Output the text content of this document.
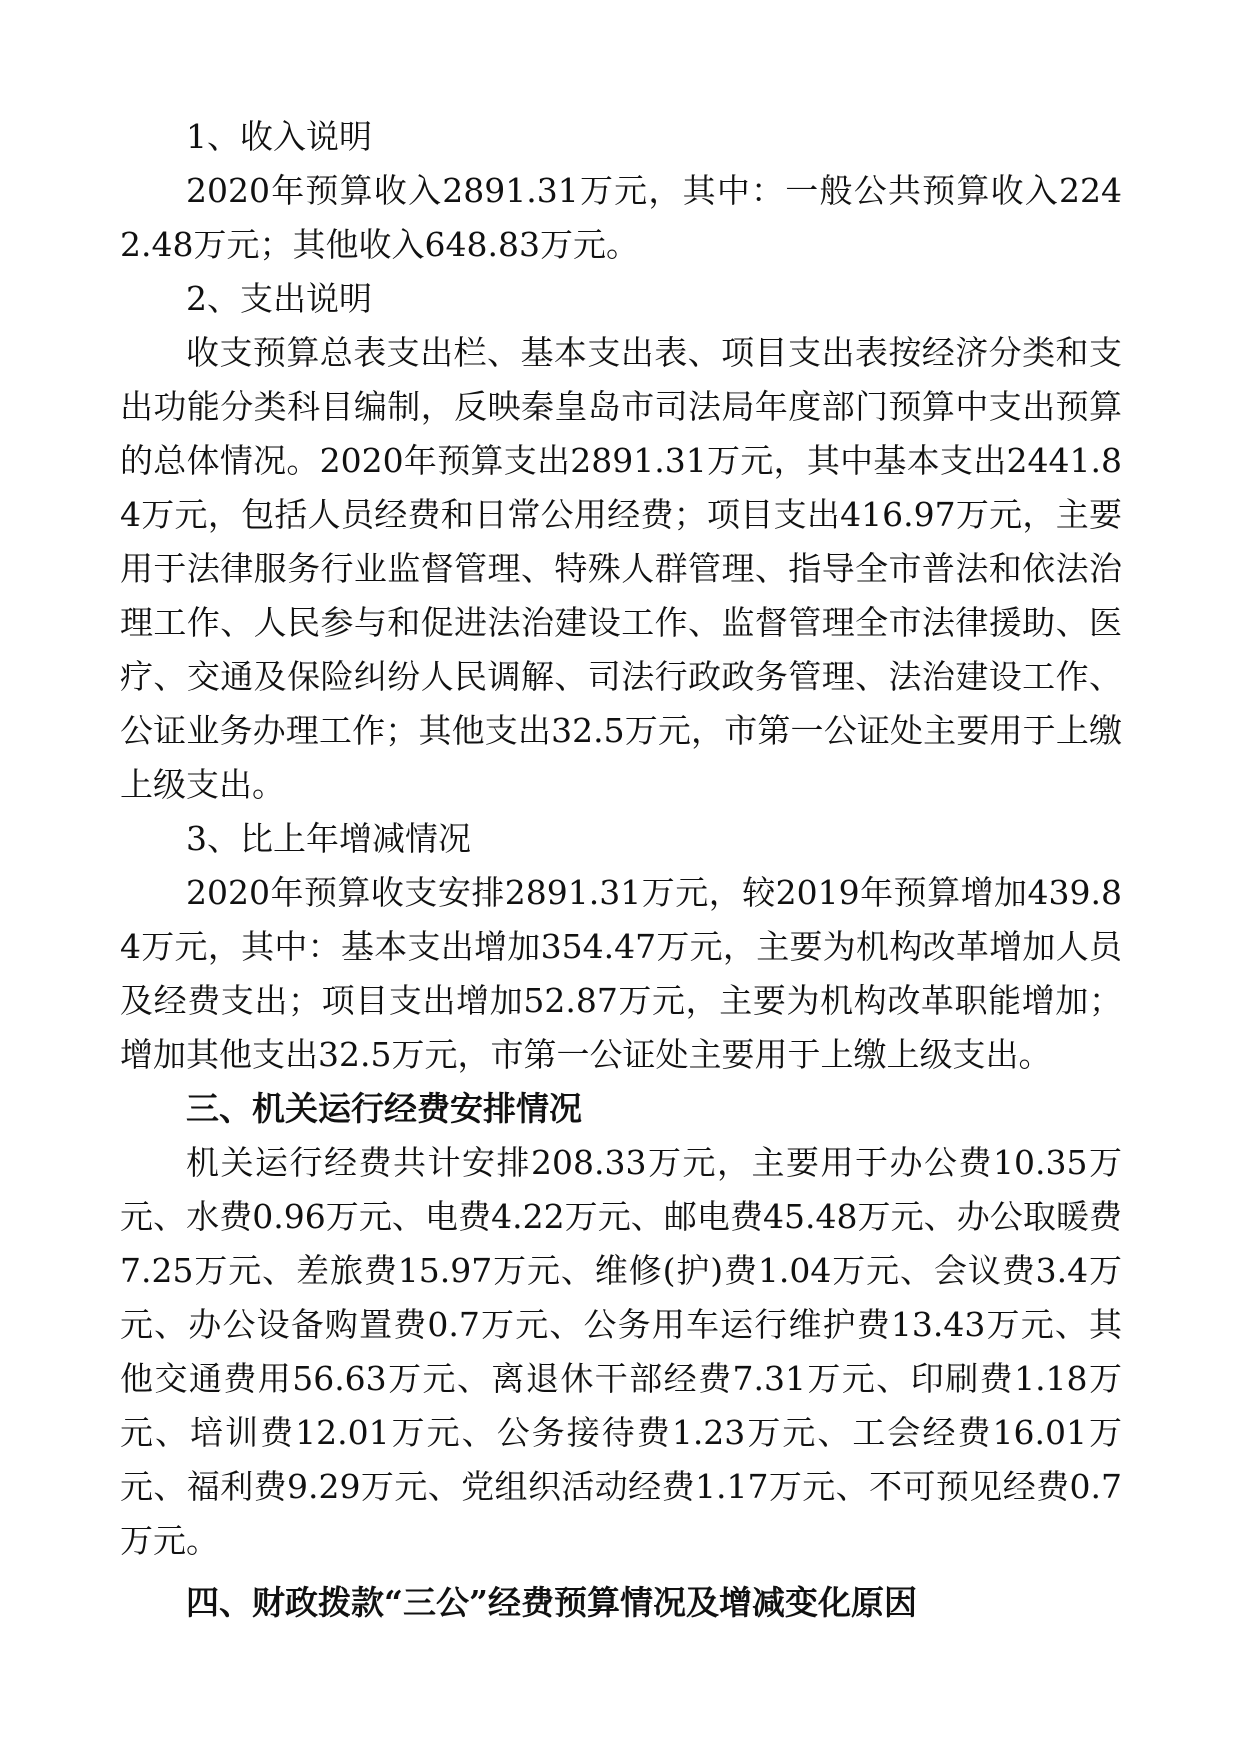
1、收入说明

2020年预算收入2891.31万元，其中：一般公共预算收入2242.48万元；其他收入648.83万元。

2、支出说明

收支预算总表支出栏、基本支出表、项目支出表按经济分类和支出功能分类科目编制，反映秦皇岛市司法局年度部门预算中支出预算的总体情况。2020年预算支出2891.31万元，其中基本支出2441.84万元，包括人员经费和日常公用经费；项目支出416.97万元，主要用于法律服务行业监督管理、特殊人群管理、指导全市普法和依法治理工作、人民参与和促进法治建设工作、监督管理全市法律援助、医疗、交通及保险纠纷人民调解、司法行政政务管理、法治建设工作、公证业务办理工作；其他支出32.5万元，市第一公证处主要用于上缴上级支出。

3、比上年增减情况

2020年预算收支安排2891.31万元，较2019年预算增加439.84万元，其中：基本支出增加354.47万元，主要为机构改革增加人员及经费支出；项目支出增加52.87万元，主要为机构改革职能增加；增加其他支出32.5万元，市第一公证处主要用于上缴上级支出。

三、机关运行经费安排情况

机关运行经费共计安排208.33万元，主要用于办公费10.35万元、水费0.96万元、电费4.22万元、邮电费45.48万元、办公取暖费7.25万元、差旅费15.97万元、维修(护)费1.04万元、会议费3.4万元、办公设备购置费0.7万元、公务用车运行维护费13.43万元、其他交通费用56.63万元、离退休干部经费7.31万元、印刷费1.18万元、培训费12.01万元、公务接待费1.23万元、工会经费16.01万元、福利费9.29万元、党组织活动经费1.17万元、不可预见经费0.7万元。

四、财政拨款“三公”经费预算情况及增减变化原因
